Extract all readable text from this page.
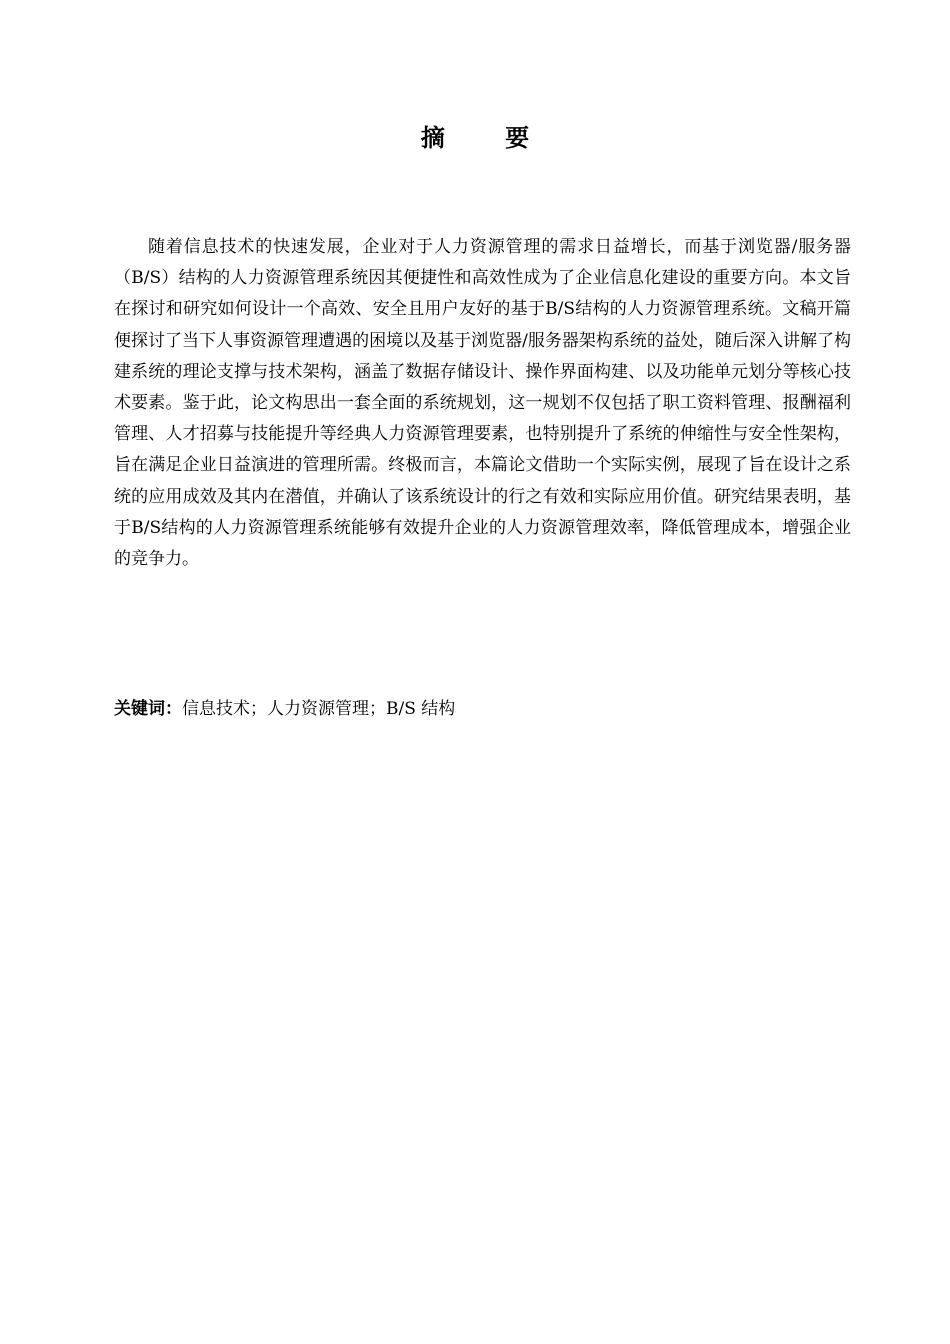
摘 要

随着信息技术的快速发展，企业对于人力资源管理的需求日益增长，而基于浏览器/服务器（B/S）结构的人力资源管理系统因其便捷性和高效性成为了企业信息化建设的重要方向。本文旨在探讨和研究如何设计一个高效、安全且用户友好的基于B/S结构的人力资源管理系统。文稿开篇便探讨了当下人事资源管理遭遇的困境以及基于浏览器/服务器架构系统的益处，随后深入讲解了构建系统的理论支撑与技术架构，涵盖了数据存储设计、操作界面构建、以及功能单元划分等核心技术要素。鉴于此，论文构思出一套全面的系统规划，这一规划不仅包括了职工资料管理、报酬福利管理、人才招募与技能提升等经典人力资源管理要素，也特别提升了系统的伸缩性与安全性架构，旨在满足企业日益演进的管理所需。终极而言，本篇论文借助一个实际实例，展现了旨在设计之系统的应用成效及其内在潜值，并确认了该系统设计的行之有效和实际应用价值。研究结果表明，基于B/S结构的人力资源管理系统能够有效提升企业的人力资源管理效率，降低管理成本，增强企业的竞争力。

关键词：信息技术；人力资源管理；B/S 结构
